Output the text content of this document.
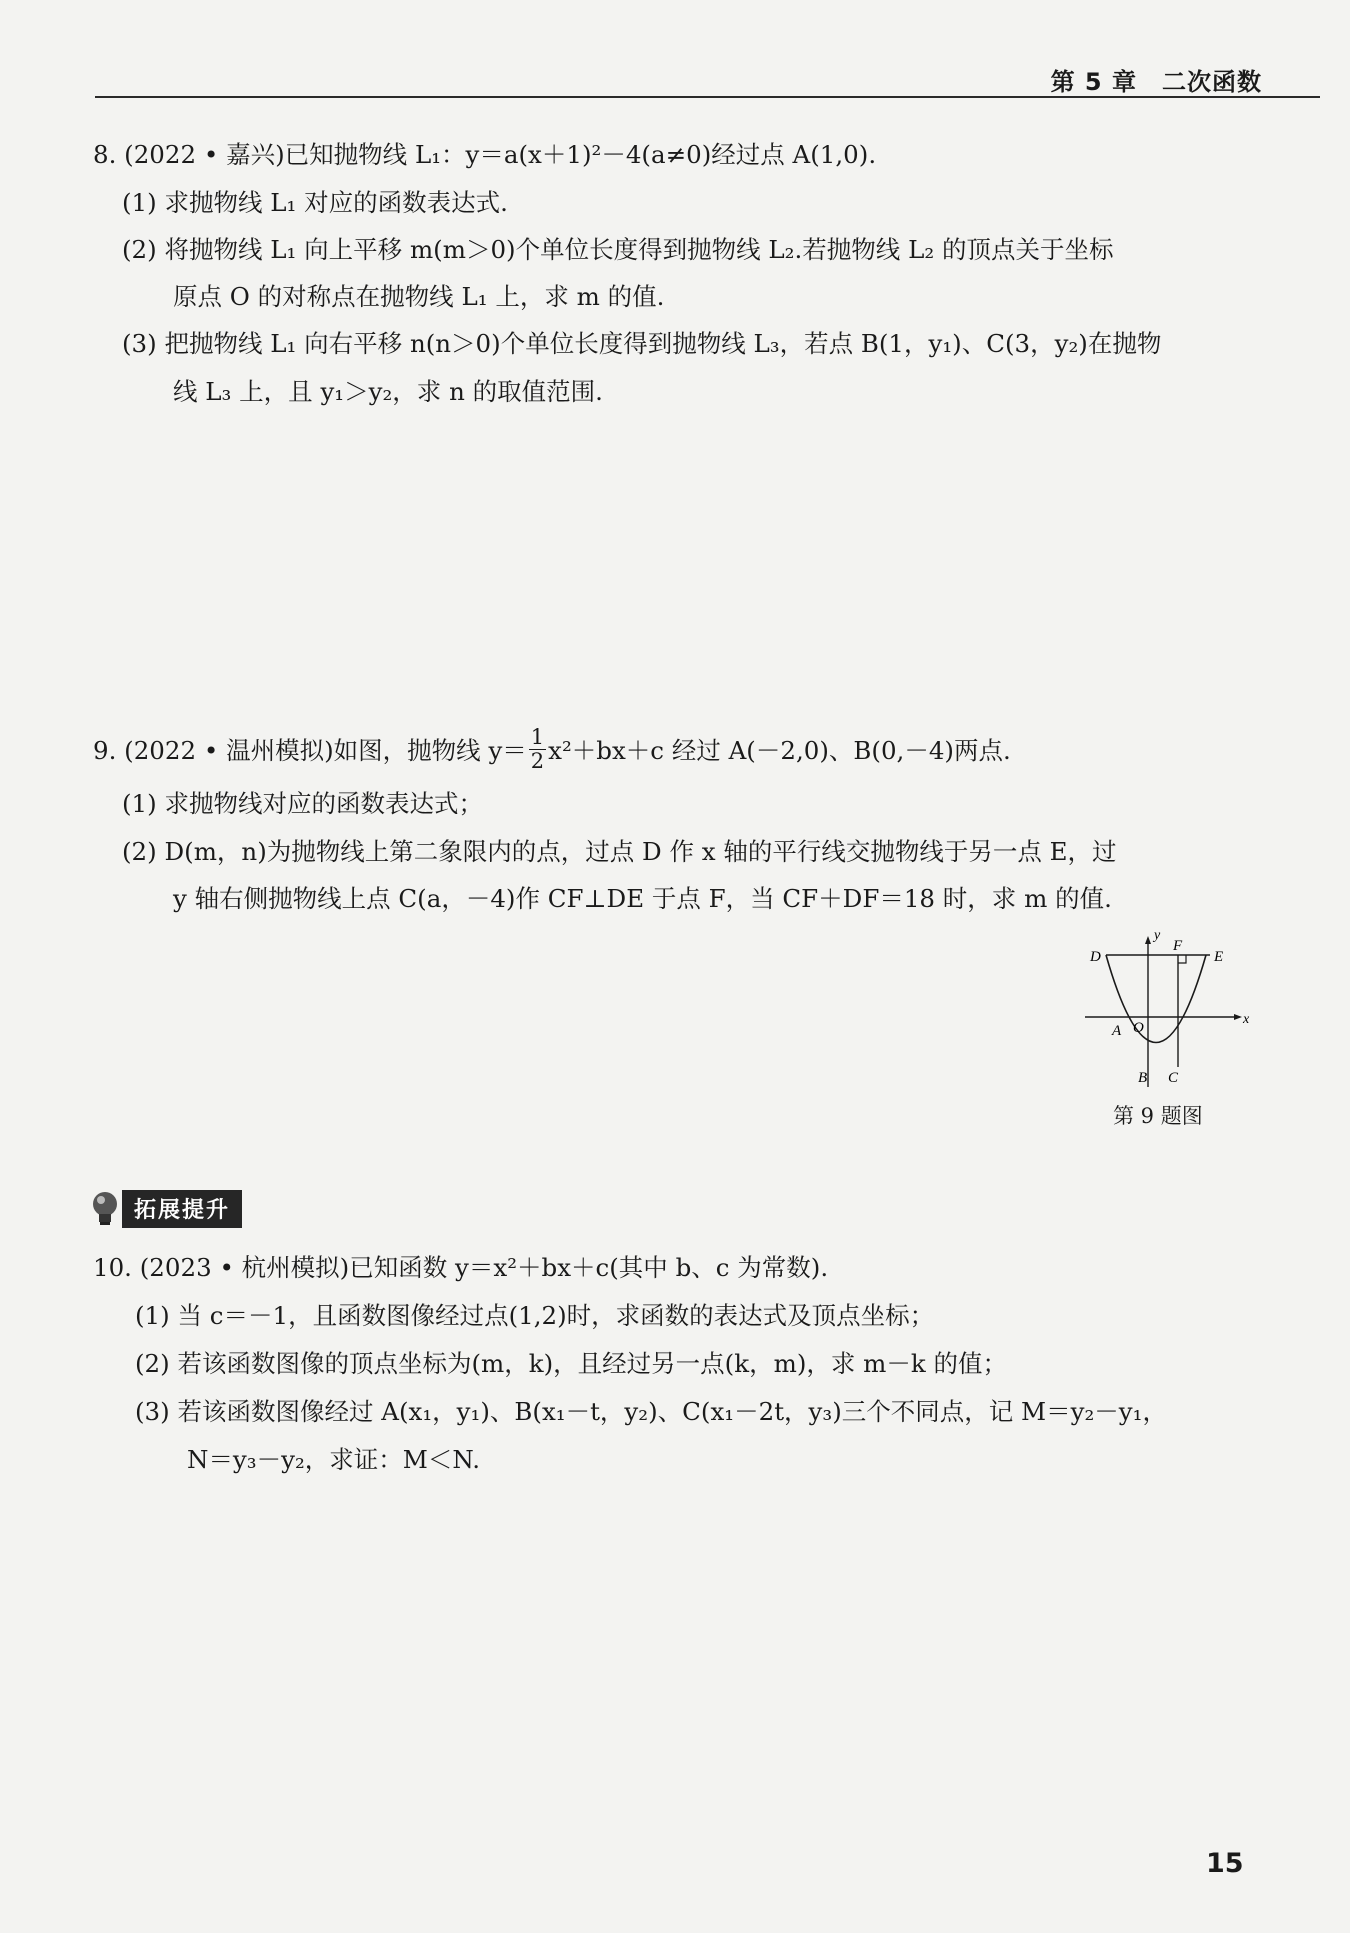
第 5 章　二次函数
8. (2022 • 嘉兴)已知抛物线 L₁：y＝a(x＋1)²－4(a≠0)经过点 A(1,0).
(1) 求抛物线 L₁ 对应的函数表达式.
(2) 将抛物线 L₁ 向上平移 m(m＞0)个单位长度得到抛物线 L₂.若抛物线 L₂ 的顶点关于坐标
原点 O 的对称点在抛物线 L₁ 上，求 m 的值.
(3) 把抛物线 L₁ 向右平移 n(n＞0)个单位长度得到抛物线 L₃，若点 B(1，y₁)、C(3，y₂)在抛物
线 L₃ 上，且 y₁＞y₂，求 n 的取值范围.
9. (2022 • 温州模拟)如图，抛物线 $y= \frac{1}{2} x^2+bx+c$ 经过 A(－2,0)、B(0,－4)两点.
(1) 求抛物线对应的函数表达式；
(2) D(m，n)为抛物线上第二象限内的点，过点 D 作 x 轴的平行线交抛物线于另一点 E，过
y 轴右侧抛物线上点 C(a，－4)作 CF⊥DE 于点 F，当 CF＋DF＝18 时，求 m 的值.
D
y
F
E
A O
x
B C
第 9 题图
拓展提升
10. (2023 • 杭州模拟)已知函数 y＝x²＋bx＋c(其中 b、c 为常数).
(1) 当 c＝－1，且函数图像经过点(1,2)时，求函数的表达式及顶点坐标；
(2) 若该函数图像的顶点坐标为(m，k)，且经过另一点(k，m)，求 m－k 的值；
(3) 若该函数图像经过 A(x₁，y₁)、B(x₁－t，y₂)、C(x₁－2t，y₃)三个不同点，记 M＝y₂－y₁，
N＝y₃－y₂，求证：M＜N.
15
